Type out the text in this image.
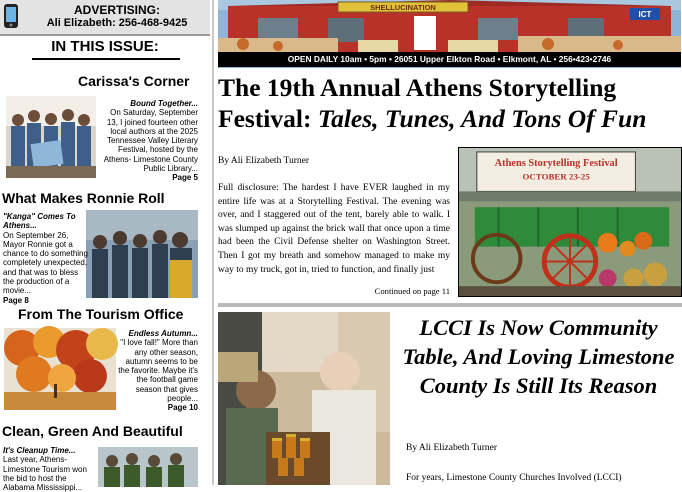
ADVERTISING:
Ali Elizabeth: 256-468-9425
IN THIS ISSUE:
Carissa's Corner
Bound Together...
On Saturday, September 13, I joined fourteen other local authors at the 2025 Tennessee Valley Literary Festival, hosted by the Athens- Limestone County Public Library...
Page 5
What Makes Ronnie Roll
"Kanga" Comes To Athens...
On September 26, Mayor Ronnie got a chance to do something completely unexpected, and that was to bless the production of a movie...
Page 8
From The Tourism Office
Endless Autumn...
"I love fall!" More than any other season, autumn seems to be the favorite. Maybe it's the football game season that gives people...
Page 10
Clean, Green And Beautiful
It's Cleanup Time...
Last year, Athens-Limestone Tourism won the bid to host the Alabama Mississippi...
SHELLUCINATION
ICT
OPEN DAILY 10am • 5pm • 26051 Upper Elkton Road • Elkmont, AL • 256•423•2746
The 19th Annual Athens Storytelling Festival: Tales, Tunes, And Tons Of Fun
By Ali Elizabeth Turner
Full disclosure: The hardest I have EVER laughed in my entire life was at a Storytelling Festival. The evening was over, and I staggered out of the tent, barely able to walk. I was slumped up against the brick wall that once upon a time had been the Civil Defense shelter on Washington Street. Then I got my breath and somehow managed to make my way to my truck, got in, tried to function, and finally just
Continued on page 11
Athens Storytelling Festival
OCTOBER 23-25
LCCI Is Now Community Table, And Loving Limestone County Is Still Its Reason
By Ali Elizabeth Turner
For years, Limestone County Churches Involved (LCCI)
